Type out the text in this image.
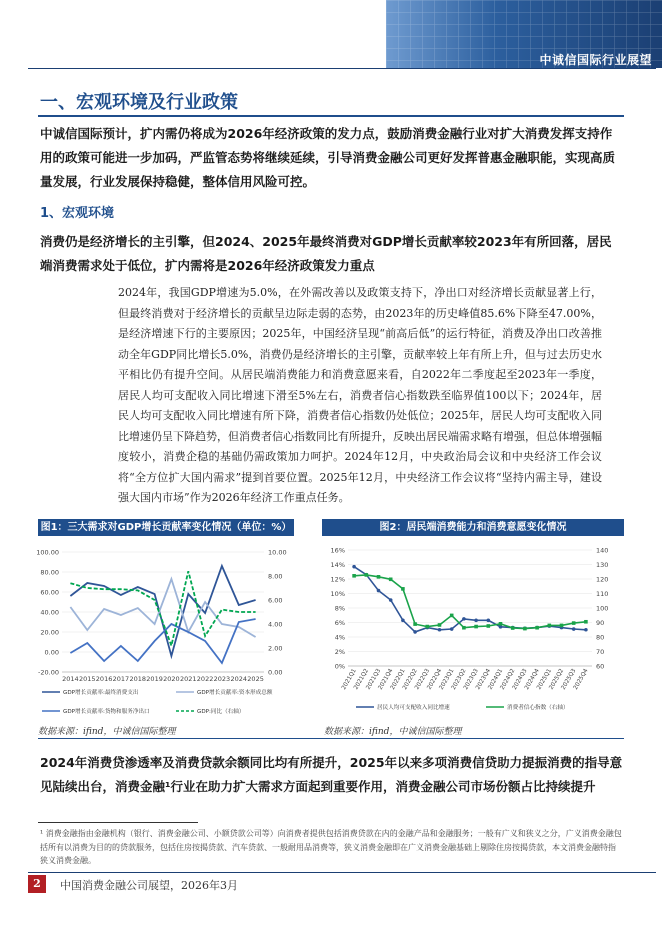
中诚信国际行业展望
一、宏观环境及行业政策
中诚信国际预计，扩内需仍将成为2026年经济政策的发力点，鼓励消费金融行业对扩大消费发挥支持作用的政策可能进一步加码，严监管态势将继续延续，引导消费金融公司更好发挥普惠金融职能，实现高质量发展，行业发展保持稳健，整体信用风险可控。
1、宏观环境
消费仍是经济增长的主引擎，但2024、2025年最终消费对GDP增长贡献率较2023年有所回落，居民端消费需求处于低位，扩内需将是2026年经济政策发力重点
2024年，我国GDP增速为5.0%，在外需改善以及政策支持下，净出口对经济增长贡献显著上行，但最终消费对于经济增长的贡献呈边际走弱的态势，由2023年的历史峰值85.6%下降至47.00%，是经济增速下行的主要原因；2025年，中国经济呈现“前高后低”的运行特征，消费及净出口改善推动全年GDP同比增长5.0%，消费仍是经济增长的主引擎，贡献率较上年有所上升，但与过去历史水平相比仍有提升空间。从居民端消费能力和消费意愿来看，自2022年二季度起至2023年一季度，居民人均可支配收入同比增速下滑至5%左右，消费者信心指数跌至临界值100以下；2024年，居民人均可支配收入同比增速有所下降，消费者信心指数仍处低位；2025年，居民人均可支配收入同比增速仍呈下降趋势，但消费者信心指数同比有所提升，反映出居民端需求略有增强，但总体增强幅度较小，消费企稳的基础仍需政策加力呵护。2024年12月，中央政治局会议和中央经济工作会议将“全方位扩大国内需求”提到首要位置。2025年12月，中央经济工作会议将“坚持内需主导，建设强大国内市场”作为2026年经济工作重点任务。
图1：三大需求对GDP增长贡献率变化情况（单位：%）	图2：居民端消费能力和消费意愿变化情况
100.00
80.00
60.00
40.00
20.00
0.00
-20.00
10.00
8.00
6.00
4.00
2.00
0.00
2014 2015 2016 2017 2018 2019 2020 2021 2022 2023 2024 2025
GDP增长贡献率:最终消费支出	GDP增长贡献率:资本形成总额
GDP增长贡献率:货物和服务净出口	GDP:同比（右轴）
16%
14%
12%
10%
8%
6%
4%
2%
0%
140
130
120
110
100
90
80
70
60
2021Q1
2021Q2
2021Q3
2021Q4
2022Q1
2022Q2
2022Q3
2022Q4
2023Q1
2023Q2
2023Q3
2023Q4
2024Q1
2024Q2
2024Q3
2024Q4
2025Q1
2025Q2
2025Q3
2025Q4
居民人均可支配收入同比增速	消费者信心指数（右轴）
数据来源：ifind，中诚信国际整理	数据来源：ifind，中诚信国际整理
2024年消费贷渗透率及消费贷款余额同比均有所提升，2025年以来多项消费信贷助力提振消费的指导意见陆续出台，消费金融¹行业在助力扩大需求方面起到重要作用，消费金融公司市场份额占比持续提升
¹ 消费金融指由金融机构（银行、消费金融公司、小额贷款公司等）向消费者提供包括消费贷款在内的金融产品和金融服务；一般有广义和狭义之分，广义消费金融包括所有以消费为目的的贷款服务，包括住房按揭贷款、汽车贷款、一般耐用品消费等，狭义消费金融即在广义消费金融基础上剔除住房按揭贷款，本文消费金融特指狭义消费金融。
2	中国消费金融公司展望，2026年3月
